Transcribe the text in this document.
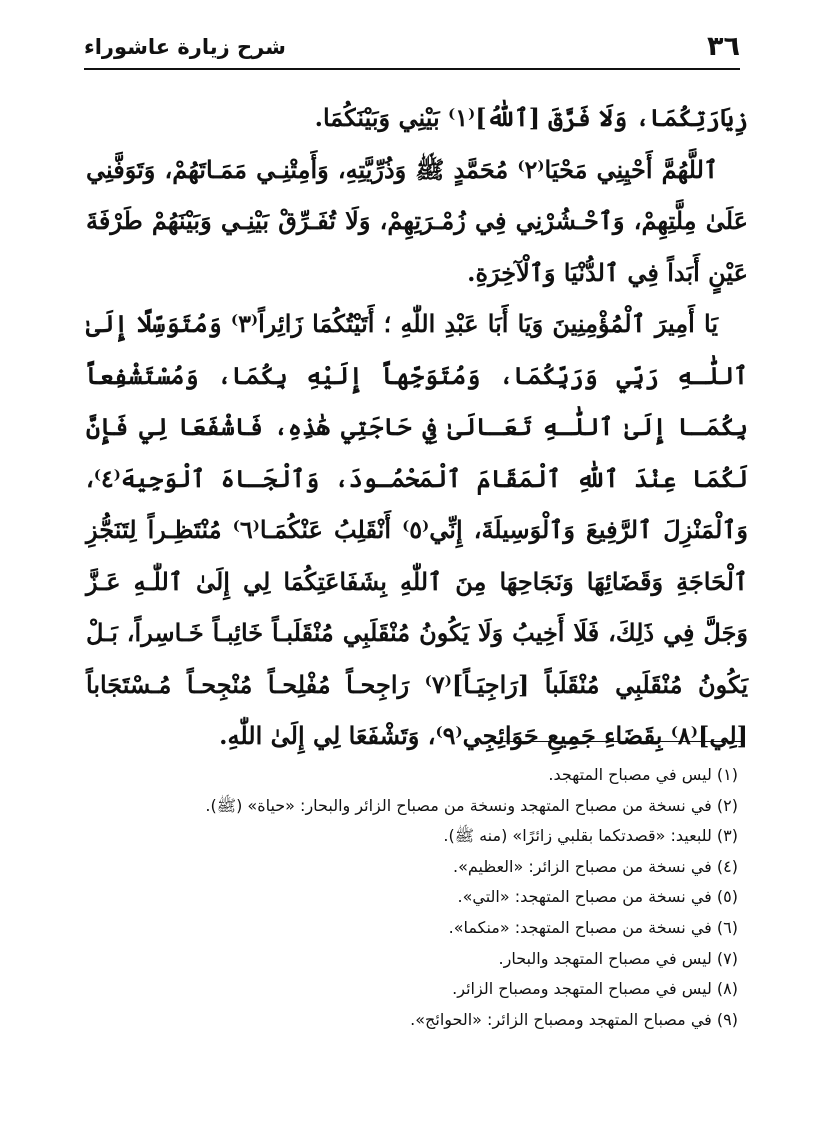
٣٦
شرح زيارة عاشوراء

زِيَارَتِكُمَا، وَلَا فَرَّقَ [ٱللّٰهُ]⁽١⁾ بَيْنِي وَبَيْنَكُمَا.

ٱللَّهُمَّ أَحْيِنِي مَحْيَا⁽٢⁾ مُحَمَّدٍ ﷺ وَذُرِّيَّتِهِ، وَأَمِتْنِـي مَمَـاتَهُمْ، وَتَوَفَّنِي عَلَىٰ مِلَّتِهِمْ، وَٱحْـشُرْنِي فِي زُمْـرَتِهِمْ، وَلَا تُفَـرِّقْ بَيْنِـي وَبَيْنَهُمْ طَرْفَةَ عَيْنٍ أَبَداً فِي ٱلدُّنْيَا وَٱلْآخِرَةِ.

يَا أَمِيرَ ٱلْمُؤْمِنِينَ وَيَا أَبَا عَبْدِ اللّٰهِ ؛ أَتَيْتُكُمَا زَائِراً⁽٣⁾ وَمُتَوَسِّلًا إِلَىٰ ٱللّٰـهِ رَبِّي وَرَبِّكُمَا، وَمُتَوَجِّهاً إِلَيْهِ بِكُمَا، وَمُسْتَشْفِعاً بِكُمَـا إِلَىٰ ٱللّٰـهِ تَعَـالَىٰ فِي حَاجَتِي هَٰذِهِ، فَاشْفَعَا لِي فَإِنَّ لَكُمَا عِنْدَ ٱللّٰهِ ٱلْمَقَامَ ٱلْمَحْمُـودَ، وَٱلْجَـاهَ ٱلْوَجِيهَ⁽٤⁾، وَٱلْمَنْزِلَ ٱلرَّفِيعَ وَٱلْوَسِيلَةَ، إِنِّي⁽٥⁾ أَنْقَلِبُ عَنْكُمَـا⁽٦⁾ مُنْتَظِـراً لِتَنَجُّزِ ٱلْحَاجَةِ وَقَضَائِهَا وَنَجَاحِهَا مِنَ ٱللّٰهِ بِشَفَاعَتِكُمَا لِي إِلَىٰ ٱللّٰـهِ عَـزَّ وَجَلَّ فِي ذَلِكَ، فَلَا أَخِيبُ وَلَا يَكُونُ مُنْقَلَبِي مُنْقَلَبـاً خَائِبـاً خَـاسِراً، بَـلْ يَكُونُ مُنْقَلَبِي مُنْقَلَباً [رَاجِيَـاً]⁽٧⁾ رَاجِحـاً مُفْلِحـاً مُنْجِحـاً مُـسْتَجَاباً [لِي]⁽٨⁾ بِقَضَاءِ جَمِيعِ حَوَائِجِي⁽٩⁾، وَتَشْفَعَا لِي إِلَىٰ اللّٰهِ.

(١) ليس في مصباح المتهجد.

(٢) في نسخة من مصباح المتهجد ونسخة من مصباح الزائر والبحار: «حياة» (ﷺ).

(٣) للبعيد: «قصدتكما بقلبي زائرًا» (منه ﷺ).

(٤) في نسخة من مصباح الزائر: «العظيم».

(٥) في نسخة من مصباح المتهجد: «التي».

(٦) في نسخة من مصباح المتهجد: «منكما».

(٧) ليس في مصباح المتهجد والبحار.

(٨) ليس في مصباح المتهجد ومصباح الزائر.

(٩) في مصباح المتهجد ومصباح الزائر: «الحوائج».
